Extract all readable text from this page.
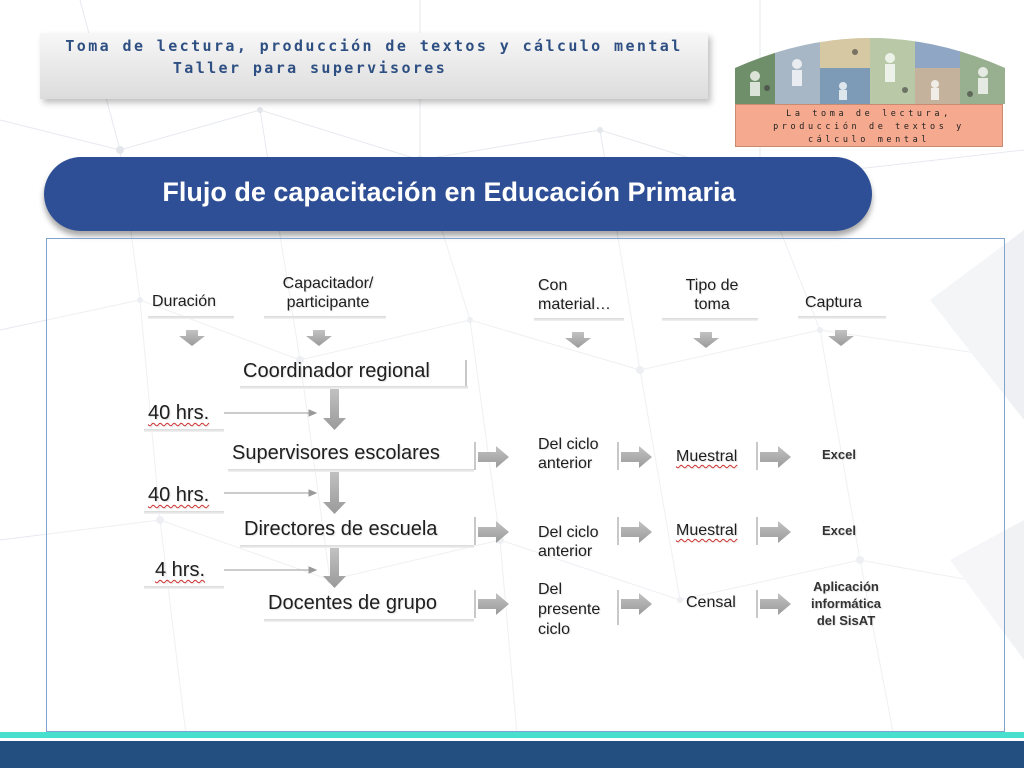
Toma de lectura, producción de textos y cálculo mental
Taller para supervisores
La toma de lectura,
producción de textos y
cálculo mental
Flujo de capacitación en Educación Primaria
Duración
Capacitador/
participante
Con
material…
Tipo de
toma	Captura
Coordinador regional
Supervisores escolares
Directores de escuela
Docentes de grupo
40 hrs.
40 hrs.
4 hrs.
Del ciclo
anterior
Del ciclo
anterior
Del
presente
ciclo
Muestral
Muestral
Censal
Excel
Excel
Aplicación
informática
del SisAT
